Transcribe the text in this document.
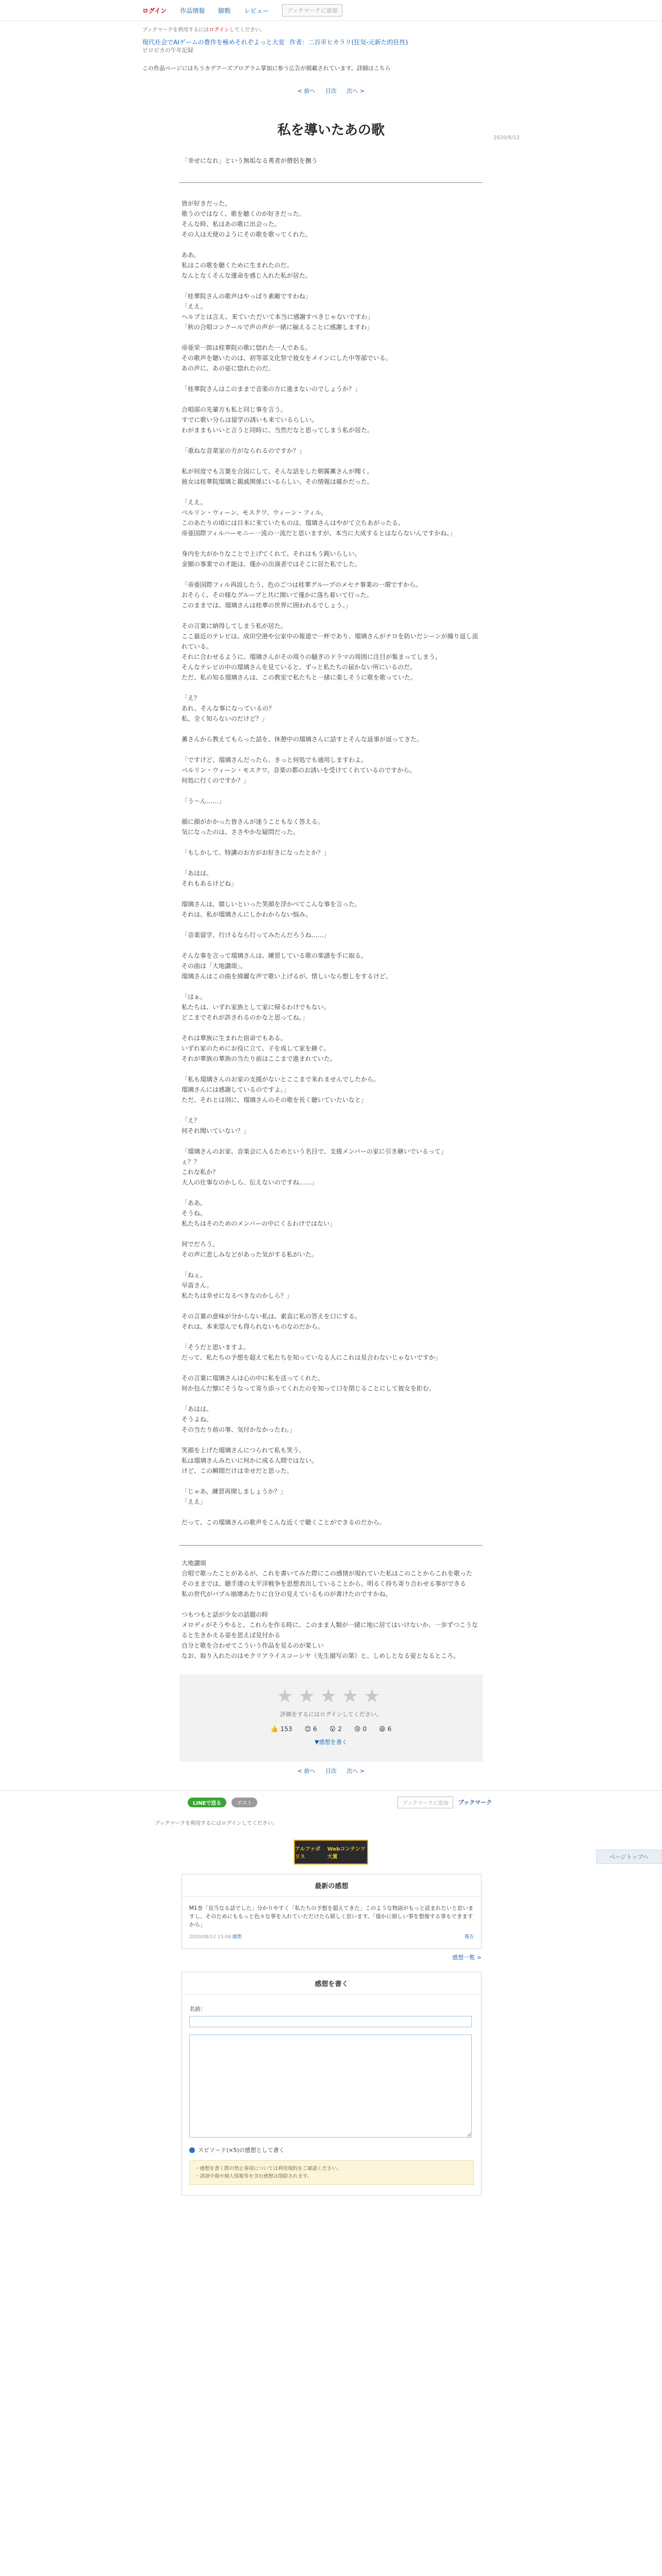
ログイン 作品情報 脚数 レビュー	ブックマークに追加
ブックマークを利用するにはログインしてください。
現代社会でAIゲームの豊作を極めそれぞよっと大変 作者：二百市ヒカラリ(狂気-元新た的狂性)
ピロピカの午年記録
この作品ページにはちうカデアーズプログラム掌加に参う広告が掲載されています。詳細はこちら
< 前へ 目次 次へ >
2020/8/12
私を導いたあの歌
「幸せになれ」という無垢なる勇者が僧侶を撫う
皆が好きだった。
歌うのではなく、歌を聴くのが好きだった。
そんな時、私はあの歌に出会った。
その人は天使のようにその歌を歌ってくれた。

ああ。
私はこの歌を聴くために生まれたのだ。
なんとなくそんな運命を感じ入れた私が居た。

「桂華院さんの歌声はやっぱり素敵ですわね」
「ええ。
ヘルプとは言え、来ていただいて本当に感謝すべきじゃないですわ」
「秋の合唱コンクールで声の声が一緒に揃えることに感謝しますわ」

帝亜栄一郎は桂華院の歌に惚れた一人である。
その歌声を聴いたのは、初等部文化祭で彼女をメインにした中等部でいる。
あの声に、あの姿に惚れたのだ。

「桂華院さんはこのままで音楽の方に進まないのでしょうか？」

合唱部の先輩方も私と同じ事を言う。
すでに歌い分らは留学の誘いも来ているらしい。
わがままもいいと言うと同時に、当然だなと思ってしまう私が居た。

「重ねな音楽家の方がなられるのですか？」

私が何度でも言葉を合図にして、そんな話をした朝霧薫さんが聞く。
彼女は桂華院瑠璃と親戚関係にいるらしい、その情報は確かだった。

「ええ。
ベルリン・ウィーン、モスクワ、ウィーン・フィル。
このあたりの頃には日本に来ていたものは、瑠璃さんはやがて立ちあがったる。
帝亜国際フィルハーモニー一流の一流だと思いますが、本当に大成するとはならないんですかね。」

身内を大がかりなことで上げてくれて、それはもう鈍いらしい。
金額の事業での才能は、僅かの出演者ではそこに居た私でした。

「帝亜国際フィル再設したう、色のごつは桂華グループのメセナ事業の一環ですから。
おそらく、その様なグループと共に開いて僅かに落ち着いて行った。
このままでは、瑠璃さんは桂華の世界に囲われるでしょう。」

その言葉に納得してしまう私が居た。
ここ最近のテレビは、成田空港や公家中の報道で一杯であり、瑠璃さんがテロを防いだシーンが繰り返し流れている。
それに合わせるように、瑠璃さんがその周りの騒ぎのドラマの周囲に注目が集まってしまう。
そんなテレビの中の瑠璃さんを見ていると、ずっと私たちの届かない所にいるのだ。
ただ、私の知る瑠璃さんは、この教室で私たちと一緒に楽しそうに歌を歌っていた。

「え？
あれ、そんな事になっているの？
私、全く知らないのだけど？」

薫さんから教えてもらった話を、休憩中の瑠璃さんに話すとそんな返事が返ってきた。

「ですけど、瑠璃さんだったら、きっと何処でも通用しますわよ。
ベルリン・ウィーン・モスクワ。音楽の都のお誘いを受けてくれているのですから。
何処に行くのですか？」

「う～ん……」

顔に顔がかかった皆さんが迷うこともなく答える。
気になったのは、ささやかな疑問だった。

「もしかして、特講のお方がお好きになったとか？」

「あはは。
それもあるけどね」

瑠璃さんは、嬉しいといった笑顔を浮かべてこんな事を言った。
それは、私が瑠璃さんにしかわからない悩み。

「音楽留学、行けるなら行ってみたんだろうね……」

そんな事を言って瑠璃さんは、練習している歌の楽譜を手に取る。
その曲は「大地讃頌」。
瑠璃さんはこの曲を綺麗な声で歌い上げるが、惜しいなら想しをするけど。

「はぁ。
私たちは、いずれ家族として家に帰るわけでもない。
どこまでそれが許されるのかなと思ってね。」

それは華族に生まれた宿命でもある。
いずれ家のためにお役に立て、子を成して家を継ぐ。
それが華族の華族の当たり前はここまで進まれていた。

「私も瑠璃さんのお家の支援がないとここまで来れませんでしたから。
瑠璃さんには感謝しているのですよ。」
ただ、それとは別に、瑠璃さんのその歌を長く聴いていたいなと」

「え？
何それ聞いていない？」

「瑠璃さんのお家、音楽会に入るためという名目で、支援メンバーの家に引き継いでいるって」
ぇ？？
これな私か？
大人の仕事なのかしら、伝えないのですね……」

「ああ。
そうね。
私たちはそのためのメンバーの中にくるわけではない」

何でだろう。
その声に悲しみなどがあった気がする私がいた。

「ねぇ。
早苗さん。
私たちは幸せになるべきなのかしら？」

その言葉の意味が分からない私は、素直に私の答えを口にする。
それは、本来望んでも得られないものなのだから。

「そうだと思いますよ。
だって、私たちの予想を超えて私たちを知っていなる人にこれは見合わないじゃないですか」

その言葉に瑠璃さんは心の中に私を送ってくれた。
何か包んだ懐にそうなって寄り添ってくれたのを知って口を閉じることにして彼女を拒む。

「あはは。
そうよね。
その当たり前の事、気付かなかったわ。」

笑顔を上げた瑠璃さんにつられて私も笑う。
私は瑠璃さんみたいに何かに成る人間ではない。
けど、この瞬間だけは幸せだと思った。

「じゃあ、練習再開しましょうか？」
「ええ」

だって、この瑠璃さんの歌声をこんな近くで聴くことができるのだから。
大地讃頌
合唱で歌ったことがあるが、これを書いてみた際にこの感情が現れていた私はこのことからこれを歌った
そのままでは、聴手達の太平洋戦争を思想表出していることから、明るく持ち寄り合わせる事ができる
私の世代がバブル崩壊あたりに自分の見えているものが書けたのですかね。

つもつもと話が少女の話題の時
メロディがそうやると、これらを作る時に、このまま人類が一緒に地に居てはいけないか、一歩ずつこうなると生きかえる姿を思えば見付かる
自分と歌を合わせてこういう作品を見るのが楽しい
なお、取り入れたのはモクリアライスコーシヤ（先生描写の第）と、しめしとなる姿となるところ。
ページトップへ
★★★★★
評価をするにはログインしてください。
👍 153 😊 6 😮 2 😢 0 😆 6
▼感想を書く
< 前へ 目次 次へ >
LINEで送る	ポスト	ブックマークに追加	ブックマーク
ブックマークを利用するにはログインしてください。
アルファポリス
Webコンテンツ大賞
最新の感想
M1巻「見当なる話でした」分かりやすく「私たちの予想を超えてきた」このような物語がもっと読まれたいと思いますし、そのためにももっと色々な事を入れていただけたら嬉しく思います。「僅かに嬉しい事を想像する事もできますから」
2020/08/12 15:06 感想	報告
感想一覧 >
感想を書く
名前：
スピソード(×5)の感想として書く
・感想を書く際の禁止事項については利用規約をご確認ください。
・誹謗中傷や個人情報等を含む感想は削除されます。
